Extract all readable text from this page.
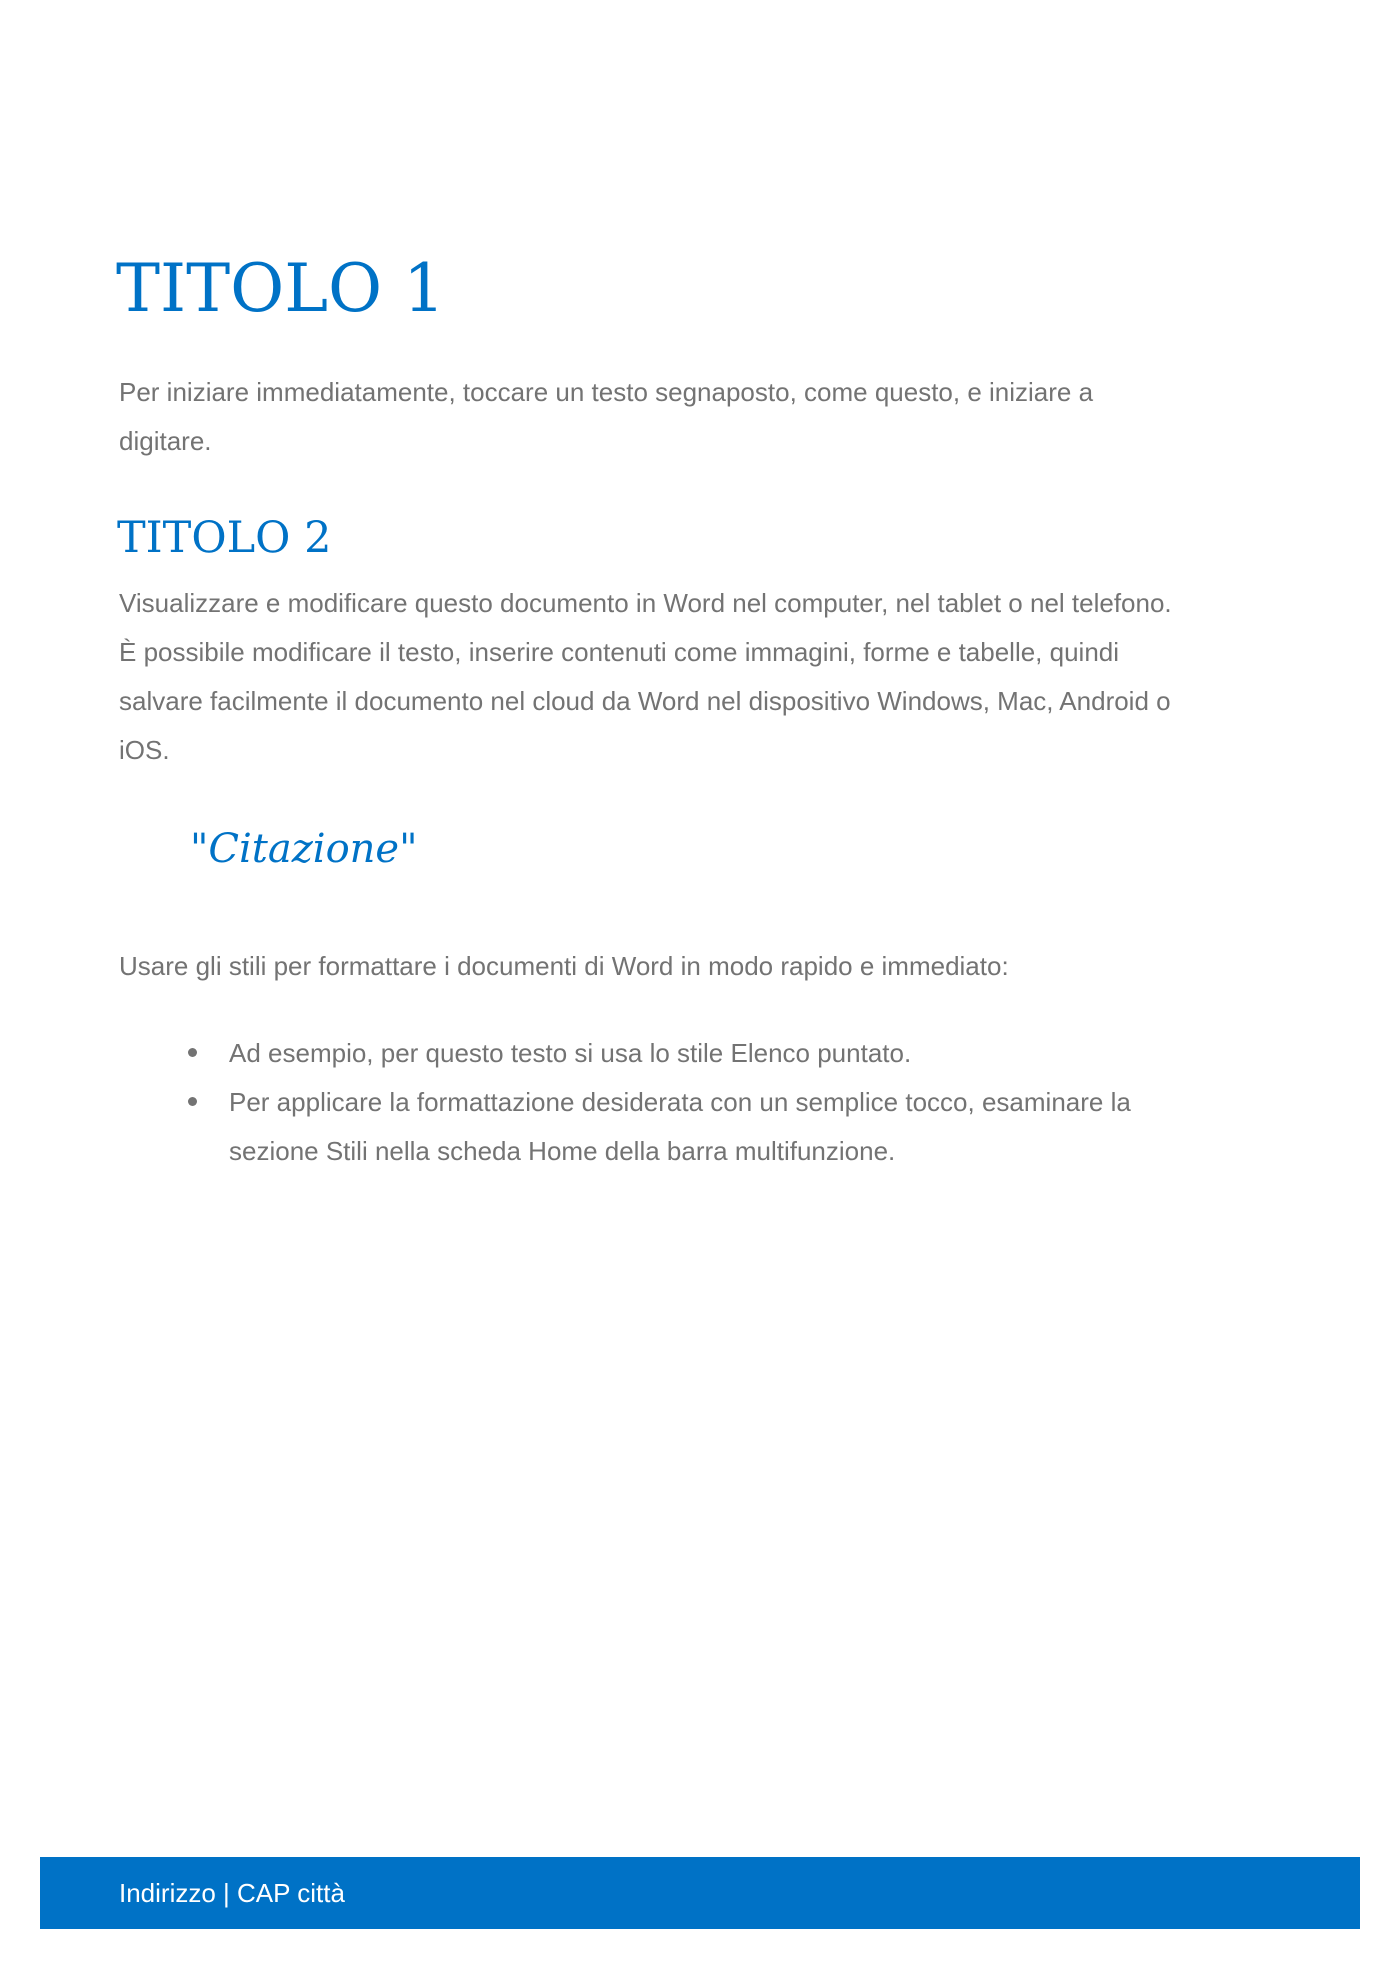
TITOLO 1
Per iniziare immediatamente, toccare un testo segnaposto, come questo, e iniziare a
digitare.
TITOLO 2
Visualizzare e modificare questo documento in Word nel computer, nel tablet o nel telefono.
È possibile modificare il testo, inserire contenuti come immagini, forme e tabelle, quindi
salvare facilmente il documento nel cloud da Word nel dispositivo Windows, Mac, Android o
iOS.
"Citazione"
Usare gli stili per formattare i documenti di Word in modo rapido e immediato:
Ad esempio, per questo testo si usa lo stile Elenco puntato.
Per applicare la formattazione desiderata con un semplice tocco, esaminare la
sezione Stili nella scheda Home della barra multifunzione.
Indirizzo | CAP città
